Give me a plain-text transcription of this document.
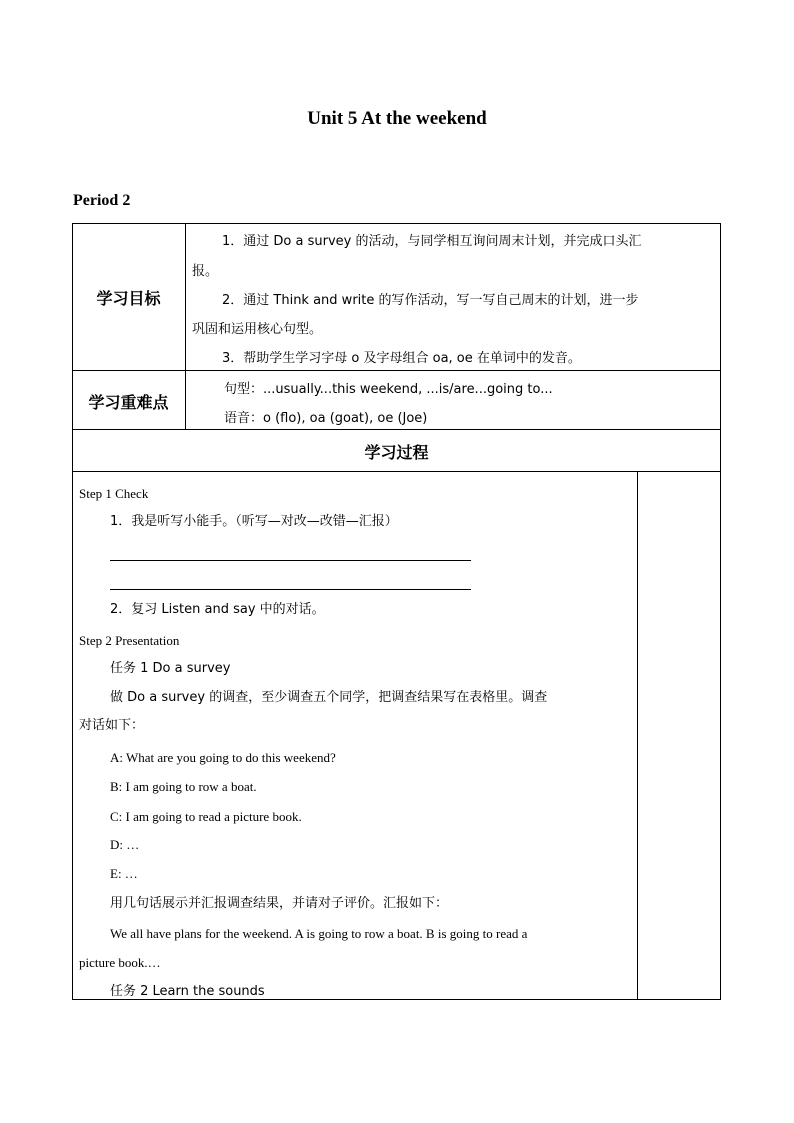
Unit 5 At the weekend
Period 2
学习目标
1．通过 Do a survey 的活动，与同学相互询问周末计划，并完成口头汇
报。
2．通过 Think and write 的写作活动，写一写自己周末的计划，进一步
巩固和运用核心句型。
3．帮助学生学习字母 o 及字母组合 oa, oe 在单词中的发音。
学习重难点
句型：...usually...this weekend, ...is/are...going to...
语音：o (flo), oa (goat), oe (Joe)
学习过程
Step 1 Check
1．我是听写小能手。（听写—对改—改错—汇报）
2．复习 Listen and say 中的对话。
Step 2 Presentation
任务 1 Do a survey
做 Do a survey 的调查，至少调查五个同学，把调查结果写在表格里。调查
对话如下：
A: What are you going to do this weekend?
B: I am going to row a boat.
C: I am going to read a picture book.
D: …
E: …
用几句话展示并汇报调查结果，并请对子评价。汇报如下：
We all have plans for the weekend. A is going to row a boat. B is going to read a
picture book.…
任务 2 Learn the sounds
